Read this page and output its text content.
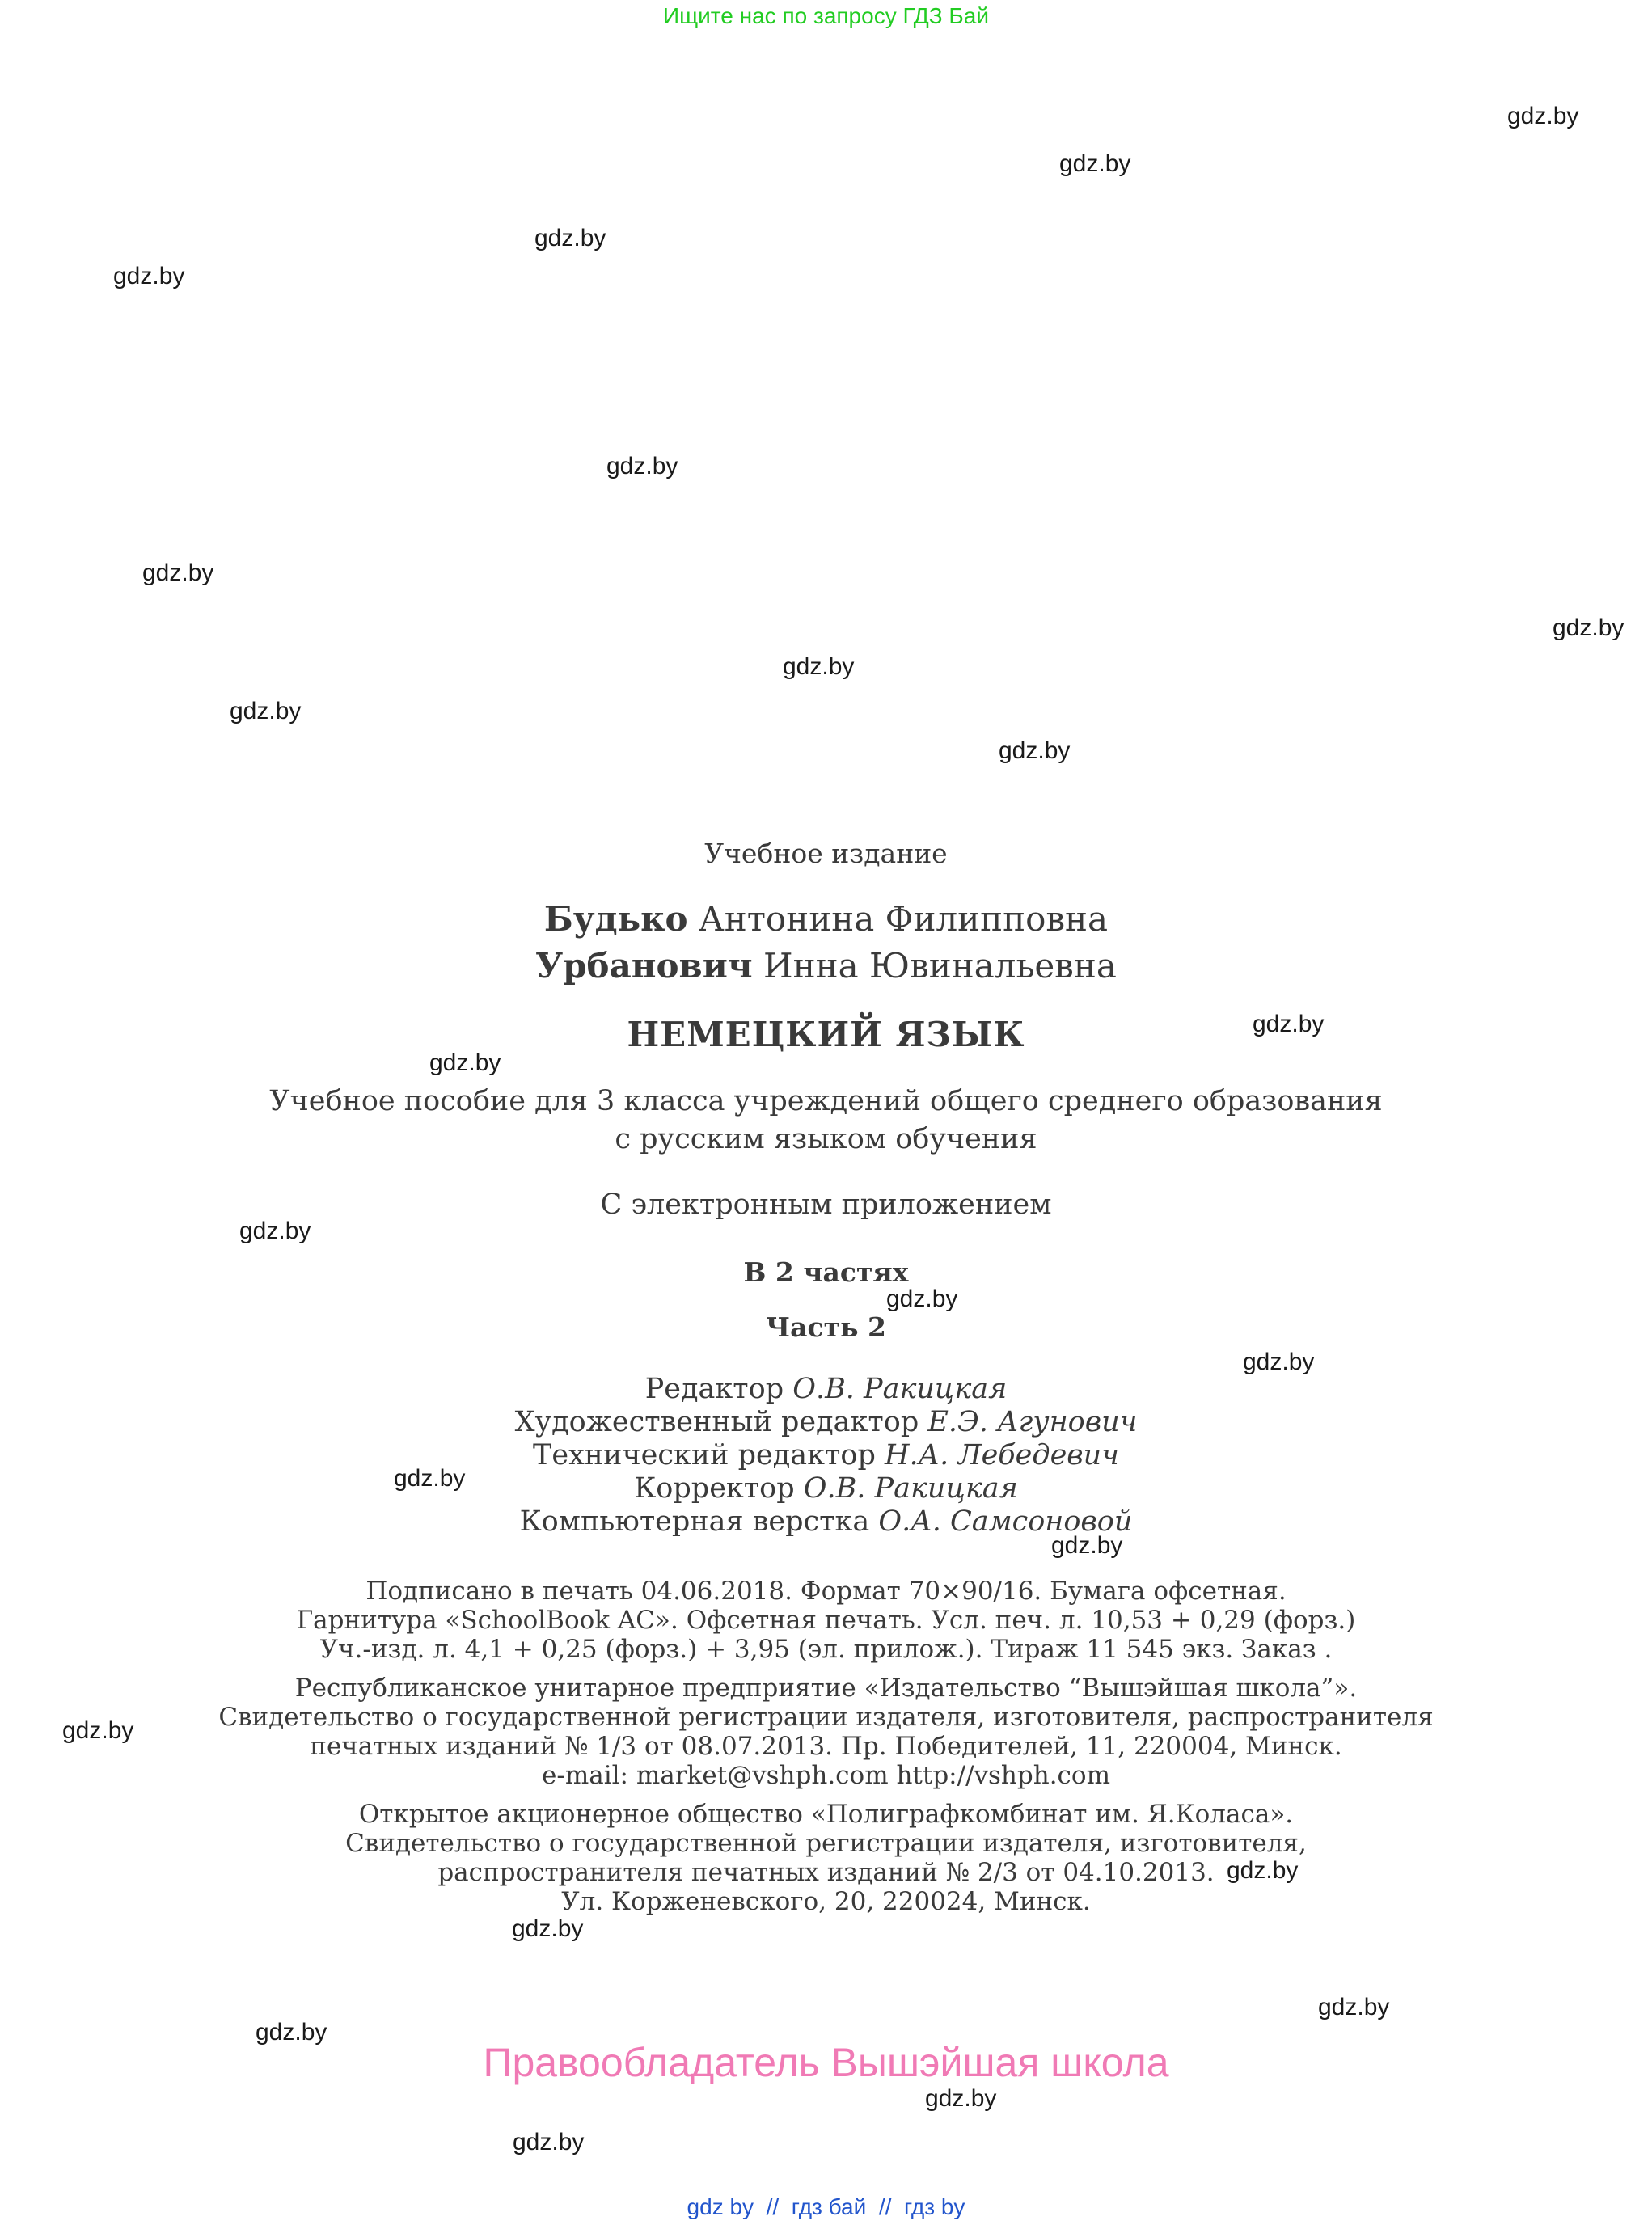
Ищите нас по запросу ГДЗ Бай
gdz.by
gdz.by
gdz.by
gdz.by
gdz.by
gdz.by
gdz.by
gdz.by
gdz.by
gdz.by
gdz.by
gdz.by
gdz.by
gdz.by
gdz.by
gdz.by
gdz.by
gdz.by
gdz.by
gdz.by
gdz.by
gdz.by
gdz.by
gdz.by
Учебное издание
Будько Антонина Филипповна
Урбанович Инна Ювинальевна
НЕМЕЦКИЙ ЯЗЫК
Учебное пособие для 3 класса учреждений общего среднего образования
с русским языком обучения
С электронным приложением
В 2 частях
Часть 2
Редактор О.В. Ракицкая
Художественный редактор Е.Э. Агунович
Технический редактор Н.А. Лебедевич
Корректор О.В. Ракицкая
Компьютерная верстка О.А. Самсоновой
Подписано в печать 04.06.2018. Формат 70×90/16. Бумага офсетная.
Гарнитура «SchoolBook AC». Офсетная печать. Усл. печ. л. 10,53 + 0,29 (форз.)
Уч.-изд. л. 4,1 + 0,25 (форз.) + 3,95 (эл. прилож.). Тираж 11 545 экз. Заказ .
Республиканское унитарное предприятие «Издательство “Вышэйшая школа”».
Свидетельство о государственной регистрации издателя, изготовителя, распространителя
печатных изданий № 1/3 от 08.07.2013. Пр. Победителей, 11, 220004, Минск.
e-mail: market@vshph.com http://vshph.com
Открытое акционерное общество «Полиграфкомбинат им. Я.Коласа».
Свидетельство о государственной регистрации издателя, изготовителя,
распространителя печатных изданий № 2/3 от 04.10.2013.
Ул. Корженевского, 20, 220024, Минск.
Правообладатель Вышэйшая школа
gdz by // гдз бай // гдз by
